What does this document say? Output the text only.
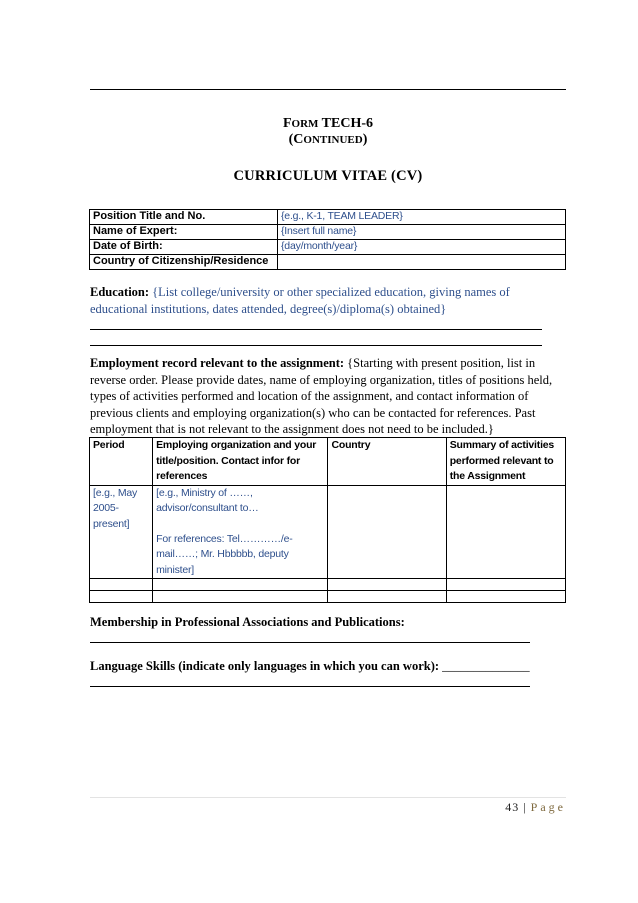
FORM TECH-6
(CONTINUED)
CURRICULUM VITAE (CV)
Position Title and No.	{e.g., K-1, TEAM LEADER}
Name of Expert:	{Insert full name}
Date of Birth:	{day/month/year}
Country of Citizenship/Residence	
Education: {List college/university or other specialized education, giving names of educational institutions, dates attended, degree(s)/diploma(s) obtained}
Employment record relevant to the assignment: {Starting with present position, list in reverse order. Please provide dates, name of employing organization, titles of positions held, types of activities performed and location of the assignment, and contact information of previous clients and employing organization(s) who can be contacted for references. Past employment that is not relevant to the assignment does not need to be included.}
Period	Employing organization and your title/position. Contact infor for references	Country	Summary of activities performed relevant to the Assignment
[e.g., May 2005-present]	[e.g., Ministry of ……, advisor/consultant to…
For references: Tel…………/e-mail……; Mr. Hbbbbb, deputy minister]		

Membership in Professional Associations and Publications:
Language Skills (indicate only languages in which you can work): ______________
43 | Page
